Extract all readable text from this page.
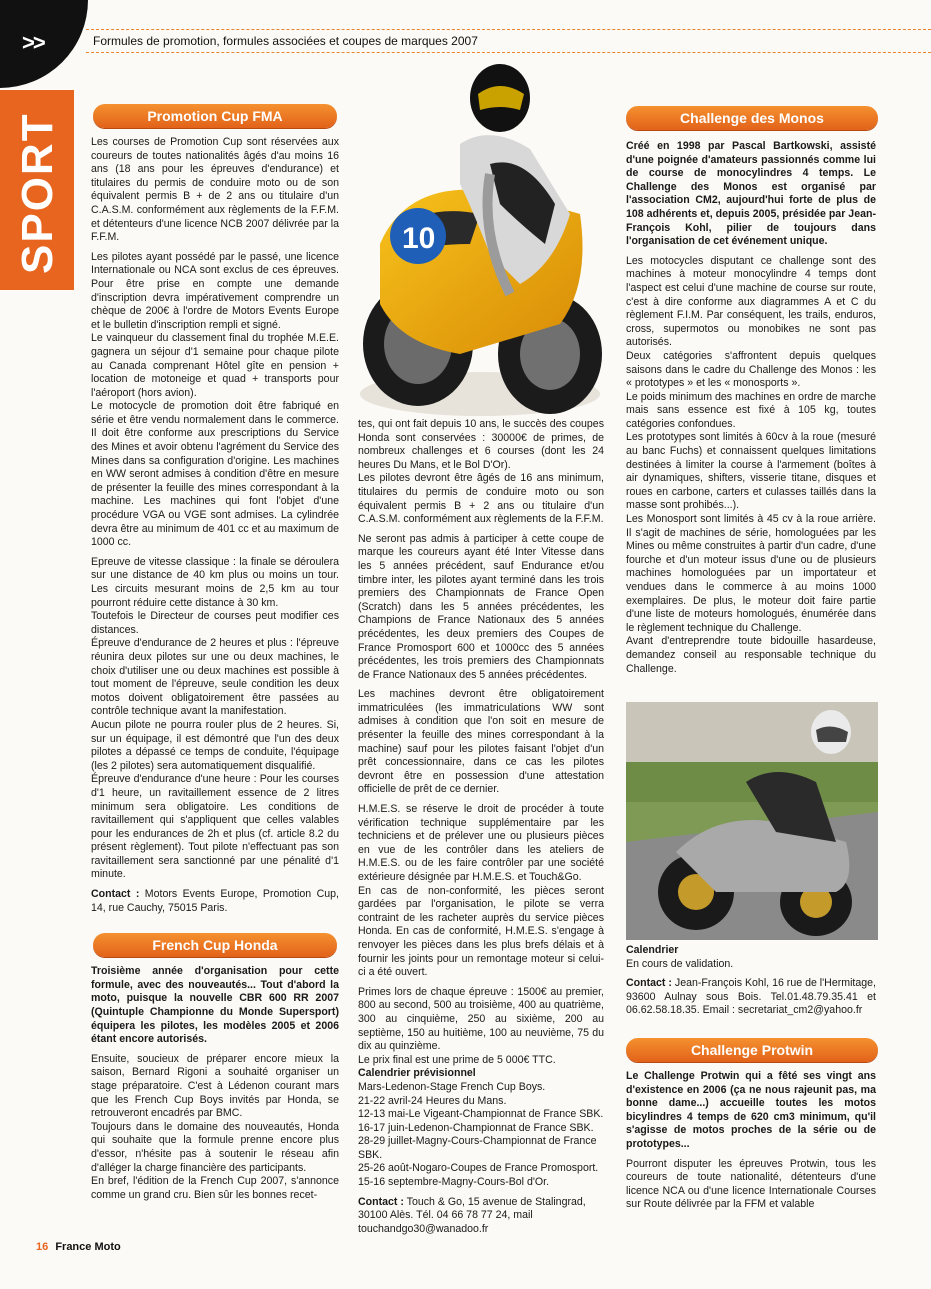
>>	Formules de promotion, formules associées et coupes de marques 2007
SPORT	Promotion Cup FMA

Les courses de Promotion Cup sont réservées aux coureurs de toutes nationalités âgés d'au moins 16 ans (18 ans pour les épreuves d'endurance) et titulaires du permis de conduire moto ou de son équivalent permis B + de 2 ans ou titulaire d'un C.A.S.M. conformément aux règlements de la F.F.M. et détenteurs d'une licence NCB 2007 délivrée par la F.F.M.

Les pilotes ayant possédé par le passé, une licence Internationale ou NCA sont exclus de ces épreuves. Pour être prise en compte une demande d'inscription devra impérativement comprendre un chèque de 200€ à l'ordre de Motors Events Europe et le bulletin d'inscription rempli et signé.

Le vainqueur du classement final du trophée M.E.E. gagnera un séjour d'1 semaine pour chaque pilote au Canada comprenant Hôtel gîte en pension + location de motoneige et quad + transports pour l'aéroport (hors avion).

Le motocycle de promotion doit être fabriqué en série et être vendu normalement dans le commerce. Il doit être conforme aux prescriptions du Service des Mines et avoir obtenu l'agrément du Service des Mines dans sa configuration d'origine. Les machines en WW seront admises à condition d'être en mesure de présenter la feuille des mines correspondant à la machine. Les machines qui font l'objet d'une procédure VGA ou VGE sont admises. La cylindrée devra être au minimum de 401 cc et au maximum de 1000 cc.

Epreuve de vitesse classique : la finale se déroulera sur une distance de 40 km plus ou moins un tour. Les circuits mesurant moins de 2,5 km au tour pourront réduire cette distance à 30 km.

Toutefois le Directeur de courses peut modifier ces distances.

Épreuve d'endurance de 2 heures et plus : l'épreuve réunira deux pilotes sur une ou deux machines, le choix d'utiliser une ou deux machines est possible à tout moment de l'épreuve, seule condition les deux motos doivent obligatoirement être passées au contrôle technique avant la manifestation.

Aucun pilote ne pourra rouler plus de 2 heures. Si, sur un équipage, il est démontré que l'un des deux pilotes a dépassé ce temps de conduite, l'équipage (les 2 pilotes) sera automatiquement disqualifié.

Épreuve d'endurance d'une heure : Pour les courses d'1 heure, un ravitaillement essence de 2 litres minimum sera obligatoire. Les conditions de ravitaillement qui s'appliquent que celles valables pour les endurances de 2h et plus (cf. article 8.2 du présent règlement). Tout pilote n'effectuant pas son ravitaillement sera sanctionné par une pénalité d'1 minute.

Contact : Motors Events Europe, Promotion Cup, 14, rue Cauchy, 75015 Paris.

French Cup Honda

Troisième année d'organisation pour cette formule, avec des nouveautés... Tout d'abord la moto, puisque la nouvelle CBR 600 RR 2007 (Quintuple Championne du Monde Supersport) équipera les pilotes, les modèles 2005 et 2006 étant encore autorisés.

Ensuite, soucieux de préparer encore mieux la saison, Bernard Rigoni a souhaité organiser un stage préparatoire. C'est à Lédenon courant mars que les French Cup Boys invités par Honda, se retrouveront encadrés par BMC.

Toujours dans le domaine des nouveautés, Honda qui souhaite que la formule prenne encore plus d'essor, n'hésite pas à soutenir le réseau afin d'alléger la charge financière des participants.

En bref, l'édition de la French Cup 2007, s'annonce comme un grand cru. Bien sûr les bonnes recet-

10

tes, qui ont fait depuis 10 ans, le succès des coupes Honda sont conservées : 30000€ de primes, de nombreux challenges et 6 courses (dont les 24 heures Du Mans, et le Bol D'Or).

Les pilotes devront être âgés de 16 ans minimum, titulaires du permis de conduire moto ou son équivalent permis B + 2 ans ou titulaire d'un C.A.S.M. conformément aux règlements de la F.F.M.

Ne seront pas admis à participer à cette coupe de marque les coureurs ayant été Inter Vitesse dans les 5 années précédent, sauf Endurance et/ou timbre inter, les pilotes ayant terminé dans les trois premiers des Championnats de France Open (Scratch) dans les 5 années précédentes, les Champions de France Nationaux des 5 années précédentes, les deux premiers des Coupes de France Promosport 600 et 1000cc des 5 années précédentes, les trois premiers des Championnats de France Nationaux des 5 années précédentes.

Les machines devront être obligatoirement immatriculées (les immatriculations WW sont admises à condition que l'on soit en mesure de présenter la feuille des mines correspondant à la machine) sauf pour les pilotes faisant l'objet d'un prêt concessionnaire, dans ce cas les pilotes devront être en possession d'une attestation officielle de prêt de ce dernier.

H.M.E.S. se réserve le droit de procéder à toute vérification technique supplémentaire par les techniciens et de prélever une ou plusieurs pièces en vue de les contrôler dans les ateliers de H.M.E.S. ou de les faire contrôler par une société extérieure désignée par H.M.E.S. et Touch&Go.

En cas de non-conformité, les pièces seront gardées par l'organisation, le pilote se verra contraint de les racheter auprès du service pièces Honda. En cas de conformité, H.M.E.S. s'engage à renvoyer les pièces dans les plus brefs délais et à fournir les joints pour un remontage moteur si celui-ci a été ouvert.

Primes lors de chaque épreuve : 1500€ au premier, 800 au second, 500 au troisième, 400 au quatrième, 300 au cinquième, 250 au sixième, 200 au septième, 150 au huitième, 100 au neuvième, 75 du dix au quinzième.

Le prix final est une prime de 5 000€ TTC.

Calendrier prévisionnel

Mars-Ledenon-Stage French Cup Boys.
21-22 avril-24 Heures du Mans.
12-13 mai-Le Vigeant-Championnat de France SBK.
16-17 juin-Ledenon-Championnat de France SBK.
28-29 juillet-Magny-Cours-Championnat de France SBK.
25-26 août-Nogaro-Coupes de France Promosport.
15-16 septembre-Magny-Cours-Bol d'Or.

Contact : Touch & Go, 15 avenue de Stalingrad, 30100 Alès. Tél. 04 66 78 77 24, mail touchandgo30@wanadoo.fr

Challenge des Monos

Créé en 1998 par Pascal Bartkowski, assisté d'une poignée d'amateurs passionnés comme lui de course de monocylindres 4 temps. Le Challenge des Monos est organisé par l'association CM2, aujourd'hui forte de plus de 108 adhérents et, depuis 2005, présidée par Jean-François Kohl, pilier de toujours dans l'organisation de cet événement unique.

Les motocycles disputant ce challenge sont des machines à moteur monocylindre 4 temps dont l'aspect est celui d'une machine de course sur route, c'est à dire conforme aux diagrammes A et C du règlement F.I.M. Par conséquent, les trails, enduros, cross, supermotos ou monobikes ne sont pas autorisés.

Deux catégories s'affrontent depuis quelques saisons dans le cadre du Challenge des Monos : les « prototypes » et les « monosports ».

Le poids minimum des machines en ordre de marche mais sans essence est fixé à 105 kg, toutes catégories confondues.

Les prototypes sont limités à 60cv à la roue (mesuré au banc Fuchs) et connaissent quelques limitations destinées à limiter la course à l'armement (boîtes à air dynamiques, shifters, visserie titane, disques et roues en carbone, carters et culasses taillés dans la masse sont prohibés...).

Les Monosport sont limités à 45 cv à la roue arrière. Il s'agit de machines de série, homologuées par les Mines ou même construites à partir d'un cadre, d'une fourche et d'un moteur issus d'une ou de plusieurs machines homologuées par un importateur et vendues dans le commerce à au moins 1000 exemplaires. De plus, le moteur doit faire partie d'une liste de moteurs homologués, énumérée dans le règlement technique du Challenge.

Avant d'entreprendre toute bidouille hasardeuse, demandez conseil au responsable technique du Challenge.

Calendrier

En cours de validation.

Contact : Jean-François Kohl, 16 rue de l'Hermitage, 93600 Aulnay sous Bois. Tel.01.48.79.35.41 et 06.62.58.18.35. Email : secretariat_cm2@yahoo.fr

Challenge Protwin

Le Challenge Protwin qui a fêté ses vingt ans d'existence en 2006 (ça ne nous rajeunit pas, ma bonne dame...) accueille toutes les motos bicylindres 4 temps de 620 cm3 minimum, qu'il s'agisse de motos proches de la série ou de prototypes...

Pourront disputer les épreuves Protwin, tous les coureurs de toute nationalité, détenteurs d'une licence NCA ou d'une licence Internationale Courses sur Route délivrée par la FFM et valable

16 France Moto
